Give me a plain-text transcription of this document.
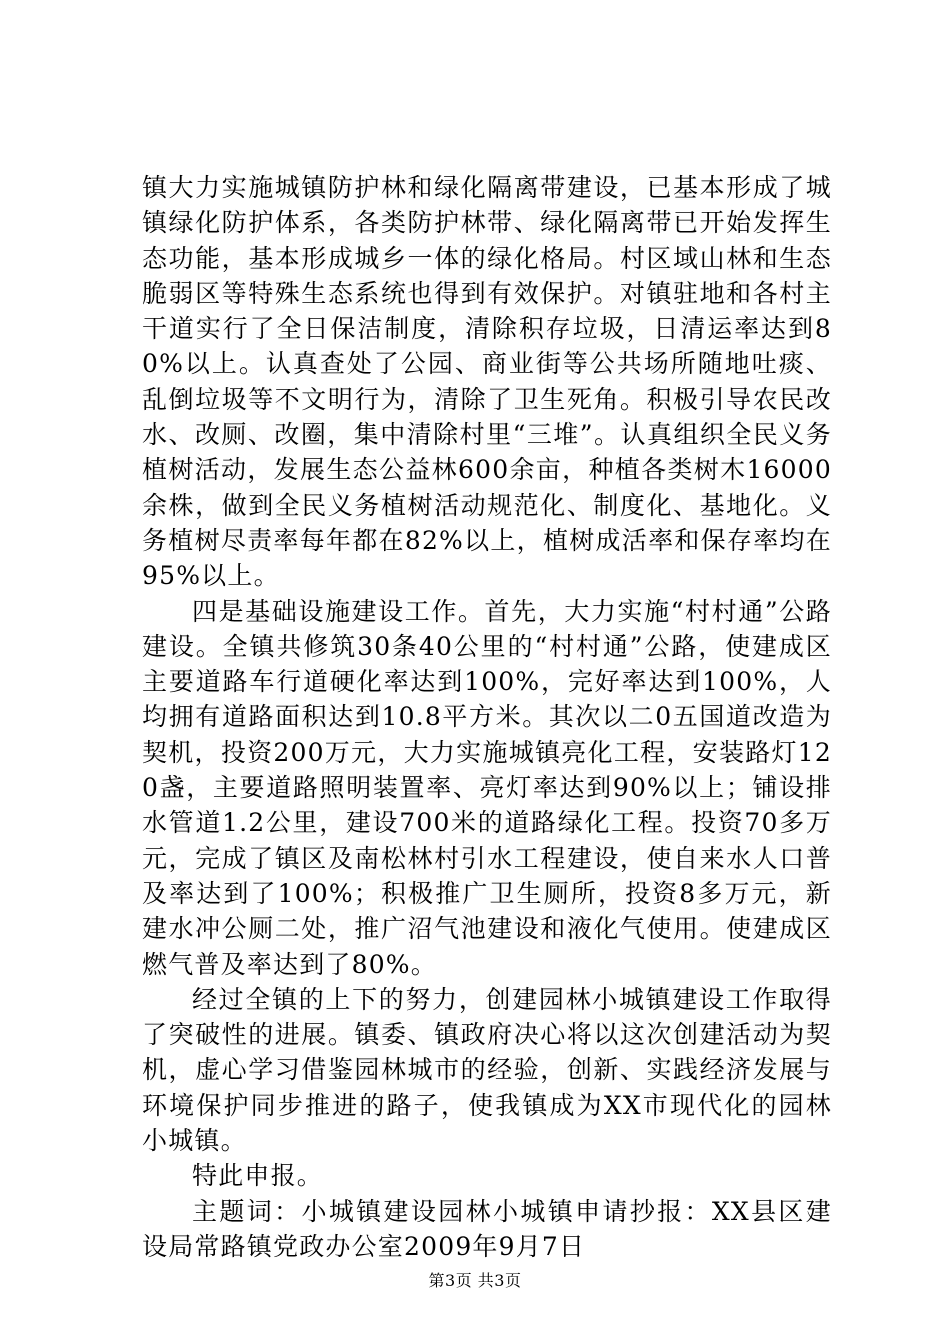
镇大力实施城镇防护林和绿化隔离带建设，已基本形成了城镇绿化防护体系，各类防护林带、绿化隔离带已开始发挥生态功能，基本形成城乡一体的绿化格局。村区域山林和生态脆弱区等特殊生态系统也得到有效保护。对镇驻地和各村主干道实行了全日保洁制度，清除积存垃圾，日清运率达到80%以上。认真查处了公园、商业街等公共场所随地吐痰、乱倒垃圾等不文明行为，清除了卫生死角。积极引导农民改水、改厕、改圈，集中清除村里“三堆”。认真组织全民义务植树活动，发展生态公益林600余亩，种植各类树木16000余株，做到全民义务植树活动规范化、制度化、基地化。义务植树尽责率每年都在82%以上，植树成活率和保存率均在95%以上。

四是基础设施建设工作。首先，大力实施“村村通”公路建设。全镇共修筑30条40公里的“村村通”公路，使建成区主要道路车行道硬化率达到100%，完好率达到100%，人均拥有道路面积达到10.8平方米。其次以二0五国道改造为契机，投资200万元，大力实施城镇亮化工程，安装路灯120盏，主要道路照明装置率、亮灯率达到90%以上；铺设排水管道1.2公里，建设700米的道路绿化工程。投资70多万元，完成了镇区及南松林村引水工程建设，使自来水人口普及率达到了100%；积极推广卫生厕所，投资8多万元，新建水冲公厕二处，推广沼气池建设和液化气使用。使建成区燃气普及率达到了80%。

经过全镇的上下的努力，创建园林小城镇建设工作取得了突破性的进展。镇委、镇政府决心将以这次创建活动为契机，虚心学习借鉴园林城市的经验，创新、实践经济发展与环境保护同步推进的路子，使我镇成为XX市现代化的园林小城镇。

特此申报。

主题词：小城镇建设园林小城镇申请抄报：XX县区建设局常路镇党政办公室2009年9月7日

第3页 共3页
